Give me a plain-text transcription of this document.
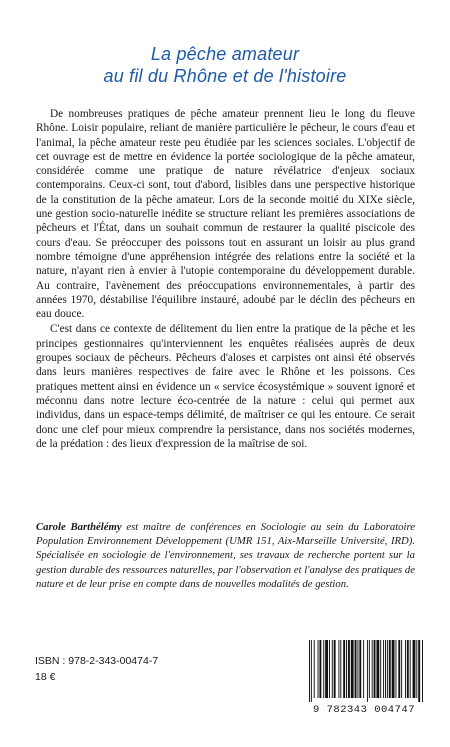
La pêche amateur
au fil du Rhône et de l'histoire

De nombreuses pratiques de pêche amateur prennent lieu le long du fleuve Rhône. Loisir populaire, reliant de manière particulière le pêcheur, le cours d'eau et l'animal, la pêche amateur reste peu étudiée par les sciences sociales. L'objectif de cet ouvrage est de mettre en évidence la portée sociologique de la pêche amateur, considérée comme une pratique de nature révélatrice d'enjeux sociaux contemporains. Ceux-ci sont, tout d'abord, lisibles dans une perspective historique de la constitution de la pêche amateur. Lors de la seconde moitié du XIXe siècle, une gestion socio-naturelle inédite se structure reliant les premières associations de pêcheurs et l'État, dans un souhait commun de restaurer la qualité piscicole des cours d'eau. Se préoccuper des poissons tout en assurant un loisir au plus grand nombre témoigne d'une appréhension intégrée des relations entre la société et la nature, n'ayant rien à envier à l'utopie contemporaine du développement durable. Au contraire, l'avènement des préoccupations environnementales, à partir des années 1970, déstabilise l'équilibre instauré, adoubé par le déclin des pêcheurs en eau douce.

C'est dans ce contexte de délitement du lien entre la pratique de la pêche et les principes gestionnaires qu'interviennent les enquêtes réalisées auprès de deux groupes sociaux de pêcheurs. Pêcheurs d'aloses et carpistes ont ainsi été observés dans leurs manières respectives de faire avec le Rhône et les poissons. Ces pratiques mettent ainsi en évidence un « service écosystémique » souvent ignoré et méconnu dans notre lecture éco-centrée de la nature : celui qui permet aux individus, dans un espace-temps délimité, de maîtriser ce qui les entoure. Ce serait donc une clef pour mieux comprendre la persistance, dans nos sociétés modernes, de la prédation : des lieux d'expression de la maîtrise de soi.

Carole Barthélémy est maître de conférences en Sociologie au sein du Laboratoire Population Environnement Développement (UMR 151, Aix-Marseille Université, IRD). Spécialisée en sociologie de l'environnement, ses travaux de recherche portent sur la gestion durable des ressources naturelles, par l'observation et l'analyse des pratiques de nature et de leur prise en compte dans de nouvelles modalités de gestion.
ISBN : 978-2-343-00474-7
18 €
9 782343 004747
